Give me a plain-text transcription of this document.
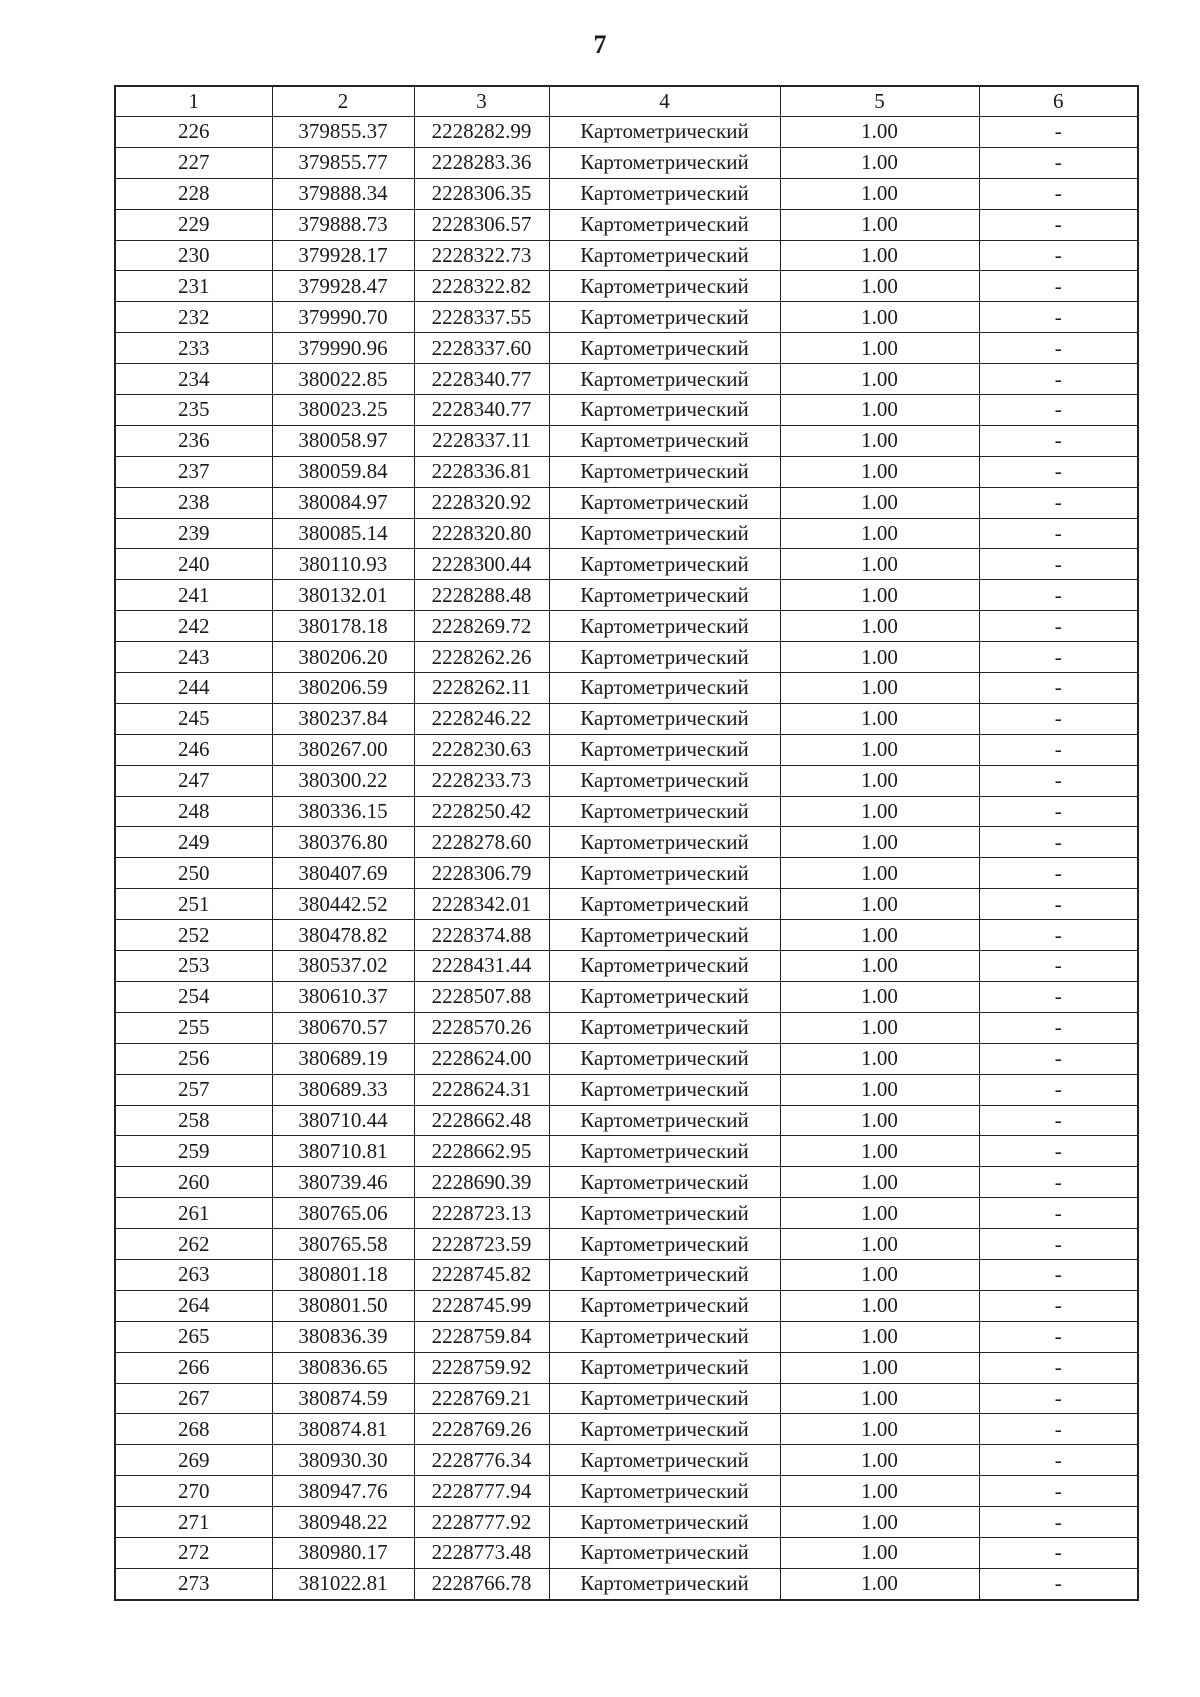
7
1	2	3	4	5	6
226	379855.37	2228282.99	Картометрический	1.00	-
227	379855.77	2228283.36	Картометрический	1.00	-
228	379888.34	2228306.35	Картометрический	1.00	-
229	379888.73	2228306.57	Картометрический	1.00	-
230	379928.17	2228322.73	Картометрический	1.00	-
231	379928.47	2228322.82	Картометрический	1.00	-
232	379990.70	2228337.55	Картометрический	1.00	-
233	379990.96	2228337.60	Картометрический	1.00	-
234	380022.85	2228340.77	Картометрический	1.00	-
235	380023.25	2228340.77	Картометрический	1.00	-
236	380058.97	2228337.11	Картометрический	1.00	-
237	380059.84	2228336.81	Картометрический	1.00	-
238	380084.97	2228320.92	Картометрический	1.00	-
239	380085.14	2228320.80	Картометрический	1.00	-
240	380110.93	2228300.44	Картометрический	1.00	-
241	380132.01	2228288.48	Картометрический	1.00	-
242	380178.18	2228269.72	Картометрический	1.00	-
243	380206.20	2228262.26	Картометрический	1.00	-
244	380206.59	2228262.11	Картометрический	1.00	-
245	380237.84	2228246.22	Картометрический	1.00	-
246	380267.00	2228230.63	Картометрический	1.00	-
247	380300.22	2228233.73	Картометрический	1.00	-
248	380336.15	2228250.42	Картометрический	1.00	-
249	380376.80	2228278.60	Картометрический	1.00	-
250	380407.69	2228306.79	Картометрический	1.00	-
251	380442.52	2228342.01	Картометрический	1.00	-
252	380478.82	2228374.88	Картометрический	1.00	-
253	380537.02	2228431.44	Картометрический	1.00	-
254	380610.37	2228507.88	Картометрический	1.00	-
255	380670.57	2228570.26	Картометрический	1.00	-
256	380689.19	2228624.00	Картометрический	1.00	-
257	380689.33	2228624.31	Картометрический	1.00	-
258	380710.44	2228662.48	Картометрический	1.00	-
259	380710.81	2228662.95	Картометрический	1.00	-
260	380739.46	2228690.39	Картометрический	1.00	-
261	380765.06	2228723.13	Картометрический	1.00	-
262	380765.58	2228723.59	Картометрический	1.00	-
263	380801.18	2228745.82	Картометрический	1.00	-
264	380801.50	2228745.99	Картометрический	1.00	-
265	380836.39	2228759.84	Картометрический	1.00	-
266	380836.65	2228759.92	Картометрический	1.00	-
267	380874.59	2228769.21	Картометрический	1.00	-
268	380874.81	2228769.26	Картометрический	1.00	-
269	380930.30	2228776.34	Картометрический	1.00	-
270	380947.76	2228777.94	Картометрический	1.00	-
271	380948.22	2228777.92	Картометрический	1.00	-
272	380980.17	2228773.48	Картометрический	1.00	-
273	381022.81	2228766.78	Картометрический	1.00	-
